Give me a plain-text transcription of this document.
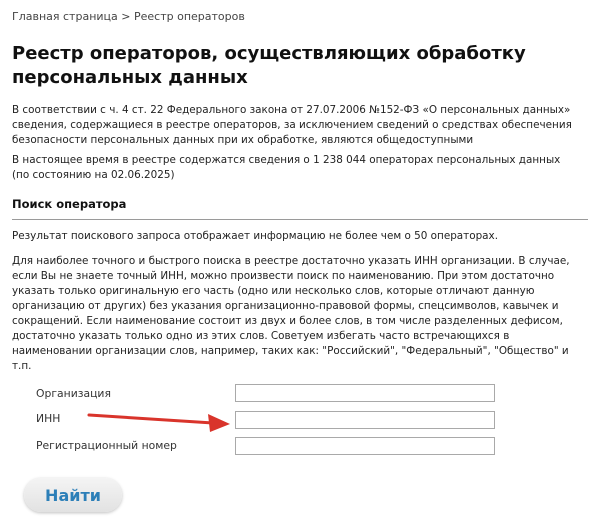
Главная страница > Реестр операторов
Реестр операторов, осуществляющих обработку персональных данных

В соответствии с ч. 4 ст. 22 Федерального закона от 27.07.2006 №152-ФЗ «О персональных данных» сведения, содержащиеся в реестре операторов, за исключением сведений о средствах обеспечения безопасности персональных данных при их обработке, являются общедоступными

В настоящее время в реестре содержатся сведения о 1 238 044 операторах персональных данных
(по состоянию на 02.06.2025)
Поиск оператора

Результат поискового запроса отображает информацию не более чем о 50 операторах.

Для наиболее точного и быстрого поиска в реестре достаточно указать ИНН организации. В случае, если Вы не знаете точный ИНН, можно произвести поиск по наименованию. При этом достаточно указать только оригинальную его часть (одно или несколько слов, которые отличают данную организацию от других) без указания организационно-правовой формы, спецсимволов, кавычек и сокращений. Если наименование состоит из двух и более слов, в том числе разделенных дефисом, достаточно указать только одно из этих слов. Советуем избегать часто встречающихся в наименовании организации слов, например, таких как: "Российский", "Федеральный", "Общество" и т.п.

Организация
ИНН
Регистрационный номер
Найти
